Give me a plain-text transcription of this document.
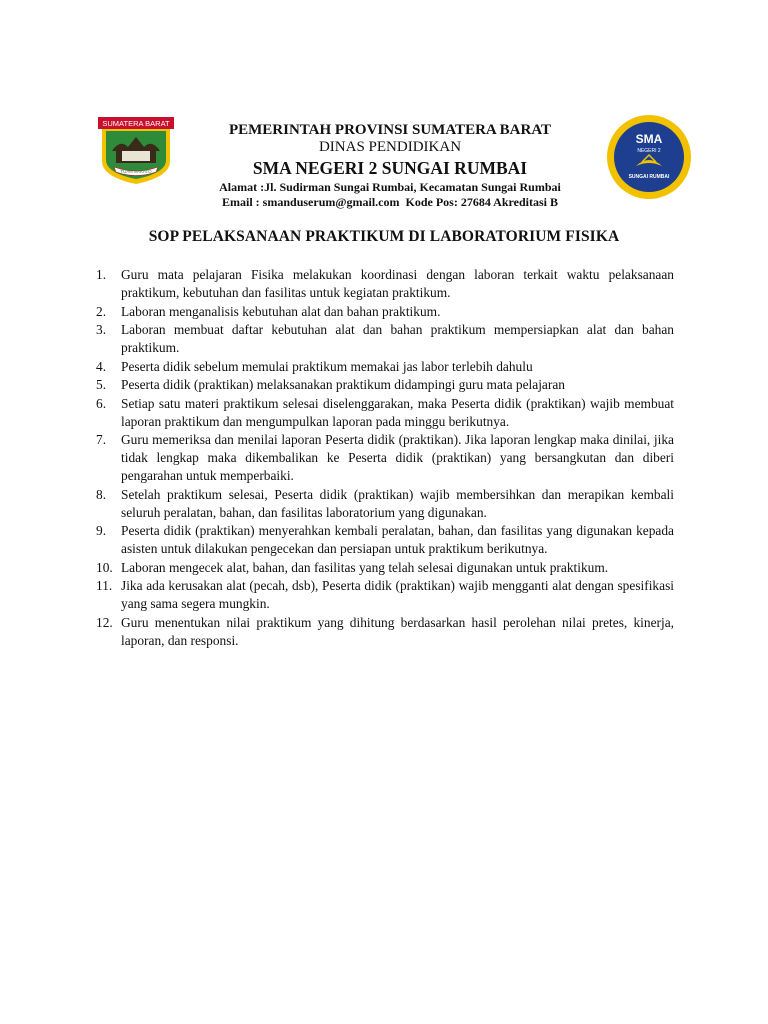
SUMATERA BARAT
TUAH SAKATO
PEMERINTAH PROVINSI SUMATERA BARAT
DINAS PENDIDIKAN
SMA NEGERI 2 SUNGAI RUMBAI
Alamat :Jl. Sudirman Sungai Rumbai, Kecamatan Sungai Rumbai
Email : smanduserum@gmail.com  Kode Pos: 27684 Akreditasi B
SMA
NEGERI 2
SUNGAI RUMBAI
SOP PELAKSANAAN PRAKTIKUM DI LABORATORIUM FISIKA
1.	Guru mata pelajaran Fisika melakukan koordinasi dengan laboran terkait waktu pelaksanaan praktikum, kebutuhan dan fasilitas untuk kegiatan praktikum.
2.	Laboran menganalisis kebutuhan alat dan bahan praktikum.
3.	Laboran membuat daftar kebutuhan alat dan bahan praktikum mempersiapkan alat dan bahan praktikum.
4.	Peserta didik sebelum memulai praktikum memakai jas labor terlebih dahulu
5.	Peserta didik (praktikan) melaksanakan praktikum didampingi guru mata pelajaran
6.	Setiap satu materi praktikum selesai diselenggarakan, maka Peserta didik (praktikan) wajib membuat laporan praktikum dan mengumpulkan laporan pada minggu berikutnya.
7.	Guru memeriksa dan menilai laporan Peserta didik (praktikan). Jika laporan lengkap maka dinilai, jika tidak lengkap maka dikembalikan ke Peserta didik (praktikan) yang bersangkutan dan diberi pengarahan untuk memperbaiki.
8.	Setelah praktikum selesai, Peserta didik (praktikan) wajib membersihkan dan merapikan kembali seluruh peralatan, bahan, dan fasilitas laboratorium yang digunakan.
9.	Peserta didik (praktikan) menyerahkan kembali peralatan, bahan, dan fasilitas yang digunakan kepada asisten untuk dilakukan pengecekan dan persiapan untuk praktikum berikutnya.
10. Laboran mengecek alat, bahan, dan fasilitas yang telah selesai digunakan untuk praktikum.
11. Jika ada kerusakan alat (pecah, dsb), Peserta didik (praktikan) wajib mengganti alat dengan spesifikasi yang sama segera mungkin.
12. Guru menentukan nilai praktikum yang dihitung berdasarkan hasil perolehan nilai pretes, kinerja, laporan, dan responsi.
